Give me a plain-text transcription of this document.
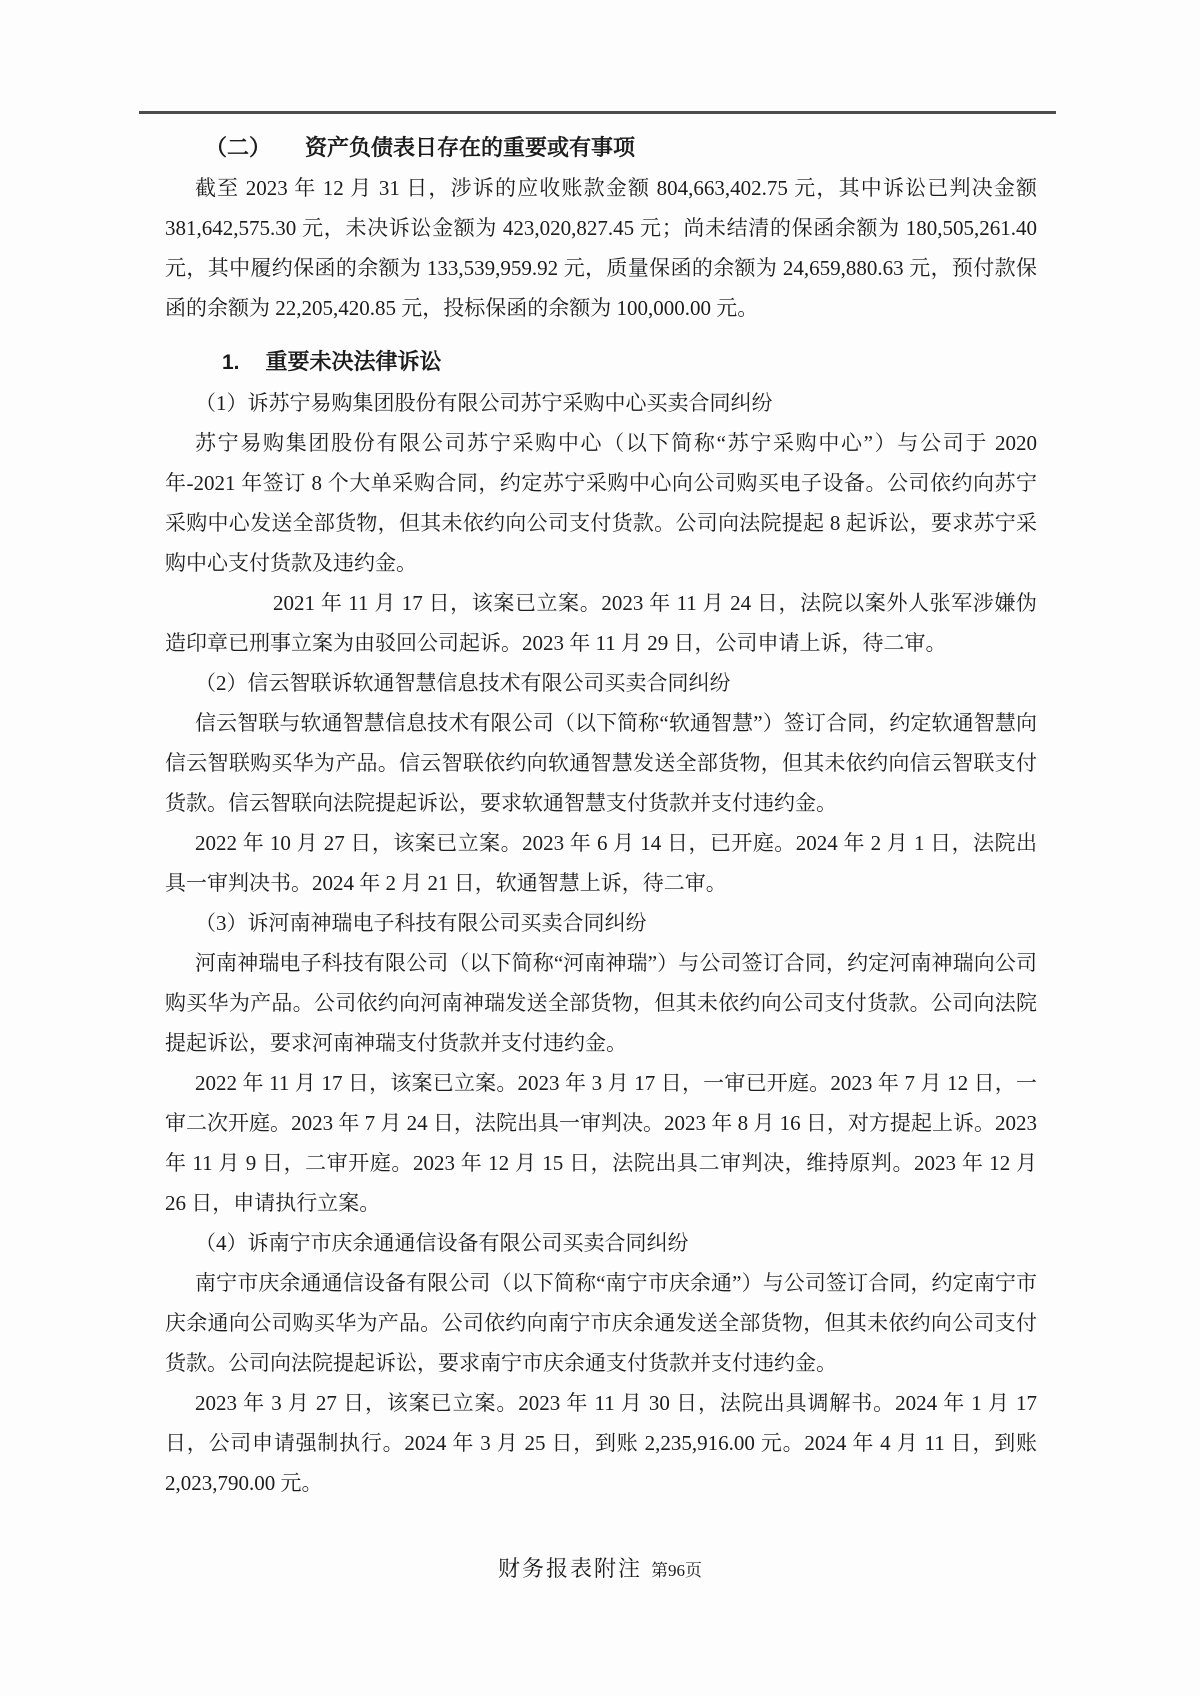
（二） 资产负债表日存在的重要或有事项

截至 2023 年 12 月 31 日，涉诉的应收账款金额 804,663,402.75 元，其中诉讼已判决金额 381,642,575.30 元，未决诉讼金额为 423,020,827.45 元；尚未结清的保函余额为 180,505,261.40 元，其中履约保函的余额为 133,539,959.92 元，质量保函的余额为 24,659,880.63 元，预付款保函的余额为 22,205,420.85 元，投标保函的余额为 100,000.00 元。

1. 重要未决法律诉讼

（1）诉苏宁易购集团股份有限公司苏宁采购中心买卖合同纠纷

苏宁易购集团股份有限公司苏宁采购中心（以下简称“苏宁采购中心”）与公司于 2020 年-2021 年签订 8 个大单采购合同，约定苏宁采购中心向公司购买电子设备。公司依约向苏宁采购中心发送全部货物，但其未依约向公司支付货款。公司向法院提起 8 起诉讼，要求苏宁采购中心支付货款及违约金。

2021 年 11 月 17 日，该案已立案。2023 年 11 月 24 日，法院以案外人张军涉嫌伪造印章已刑事立案为由驳回公司起诉。2023 年 11 月 29 日，公司申请上诉，待二审。

（2）信云智联诉软通智慧信息技术有限公司买卖合同纠纷

信云智联与软通智慧信息技术有限公司（以下简称“软通智慧”）签订合同，约定软通智慧向信云智联购买华为产品。信云智联依约向软通智慧发送全部货物，但其未依约向信云智联支付货款。信云智联向法院提起诉讼，要求软通智慧支付货款并支付违约金。

2022 年 10 月 27 日，该案已立案。2023 年 6 月 14 日，已开庭。2024 年 2 月 1 日，法院出具一审判决书。2024 年 2 月 21 日，软通智慧上诉，待二审。

（3）诉河南神瑞电子科技有限公司买卖合同纠纷

河南神瑞电子科技有限公司（以下简称“河南神瑞”）与公司签订合同，约定河南神瑞向公司购买华为产品。公司依约向河南神瑞发送全部货物，但其未依约向公司支付货款。公司向法院提起诉讼，要求河南神瑞支付货款并支付违约金。

2022 年 11 月 17 日，该案已立案。2023 年 3 月 17 日，一审已开庭。2023 年 7 月 12 日，一审二次开庭。2023 年 7 月 24 日，法院出具一审判决。2023 年 8 月 16 日，对方提起上诉。2023 年 11 月 9 日，二审开庭。2023 年 12 月 15 日，法院出具二审判决，维持原判。2023 年 12 月 26 日，申请执行立案。

（4）诉南宁市庆余通通信设备有限公司买卖合同纠纷

南宁市庆余通通信设备有限公司（以下简称“南宁市庆余通”）与公司签订合同，约定南宁市庆余通向公司购买华为产品。公司依约向南宁市庆余通发送全部货物，但其未依约向公司支付货款。公司向法院提起诉讼，要求南宁市庆余通支付货款并支付违约金。

2023 年 3 月 27 日，该案已立案。2023 年 11 月 30 日，法院出具调解书。2024 年 1 月 17 日，公司申请强制执行。2024 年 3 月 25 日，到账 2,235,916.00 元。2024 年 4 月 11 日，到账 2,023,790.00 元。

财务报表附注 第96页
